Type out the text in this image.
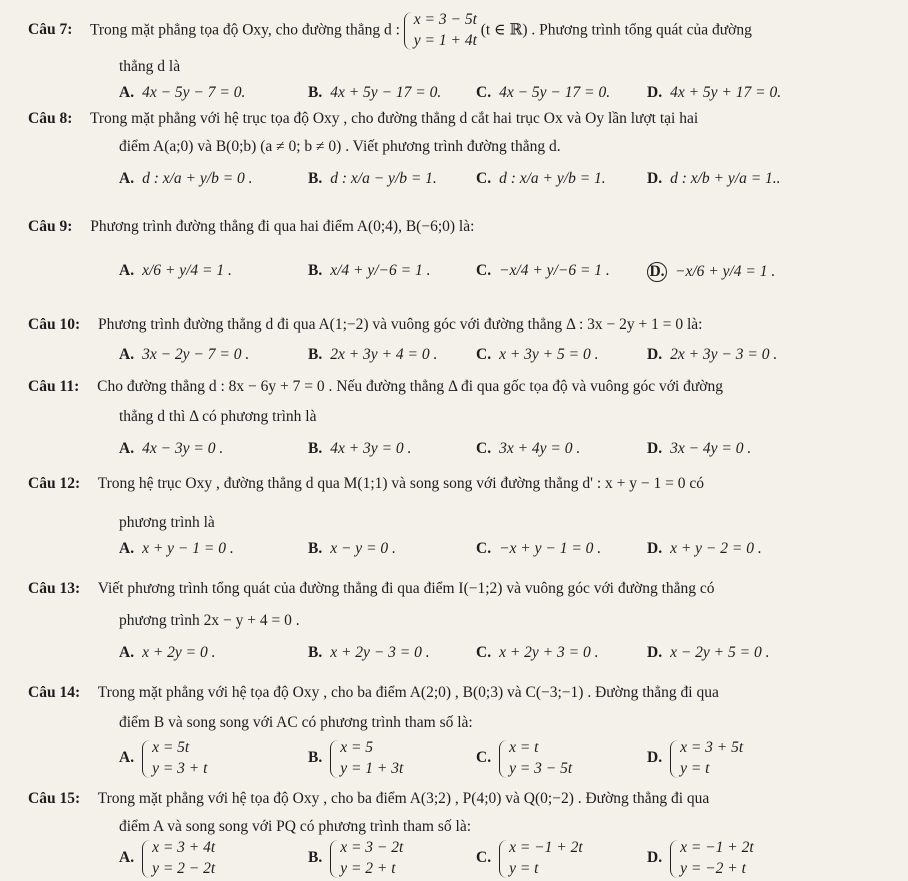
Câu 7: Trong mặt phẳng tọa độ Oxy, cho đường thẳng d :
x = 3 − 5t
y = 1 + 4t
(t ∈ ℝ) . Phương trình tổng quát của đường
thẳng d là
A. 4x − 5y − 7 = 0.	B. 4x + 5y − 17 = 0. C. 4x − 5y − 17 = 0. D. 4x + 5y + 17 = 0.
Câu 8: Trong mặt phẳng với hệ trục tọa độ Oxy , cho đường thẳng d cắt hai trục Ox và Oy lần lượt tại hai
điểm A(a;0) và B(0;b) (a ≠ 0; b ≠ 0) . Viết phương trình đường thẳng d.
A. d : x/a + y/b = 0 .	B. d : x/a − y/b = 1.	C. d : x/a + y/b = 1.	D. d : x/b + y/a = 1..
Câu 9: Phương trình đường thẳng đi qua hai điểm A(0;4), B(−6;0) là:
A. x/6 + y/4 = 1 .	B. x/4 + y/−6 = 1 .	C. −x/4 + y/−6 = 1 .	D. −x/6 + y/4 = 1 .
Câu 10: Phương trình đường thẳng d đi qua A(1;−2) và vuông góc với đường thẳng Δ : 3x − 2y + 1 = 0 là:
A. 3x − 2y − 7 = 0 .	B. 2x + 3y + 4 = 0 . C. x + 3y + 5 = 0 .	D. 2x + 3y − 3 = 0 .
Câu 11: Cho đường thẳng d : 8x − 6y + 7 = 0 . Nếu đường thẳng Δ đi qua gốc tọa độ và vuông góc với đường
thẳng d thì Δ có phương trình là
A. 4x − 3y = 0 .	B. 4x + 3y = 0 .	C. 3x + 4y = 0 .	D. 3x − 4y = 0 .
Câu 12: Trong hệ trục Oxy , đường thẳng d qua M(1;1) và song song với đường thẳng d' : x + y − 1 = 0 có
phương trình là
A. x + y − 1 = 0 .	B. x − y = 0 .	C. −x + y − 1 = 0 .	D. x + y − 2 = 0 .
Câu 13: Viết phương trình tổng quát của đường thẳng đi qua điểm I(−1;2) và vuông góc với đường thẳng có
phương trình 2x − y + 4 = 0 .
A. x + 2y = 0 .	B. x + 2y − 3 = 0 .	C. x + 2y + 3 = 0 .	D. x − 2y + 5 = 0 .
Câu 14: Trong mặt phẳng với hệ tọa độ Oxy , cho ba điểm A(2;0) , B(0;3) và C(−3;−1) . Đường thẳng đi qua
điểm B và song song với AC có phương trình tham số là:
A.
x = 5t
y = 3 + t
B.
x = 5
y = 1 + 3t
C.
x = t
y = 3 − 5t
D.
x = 3 + 5t
y = t
Câu 15: Trong mặt phẳng với hệ tọa độ Oxy , cho ba điểm A(3;2) , P(4;0) và Q(0;−2) . Đường thẳng đi qua
điểm A và song song với PQ có phương trình tham số là:
A.
x = 3 + 4t
y = 2 − 2t
B.
x = 3 − 2t
y = 2 + t
C.
x = −1 + 2t
y = t
D.
x = −1 + 2t
y = −2 + t
